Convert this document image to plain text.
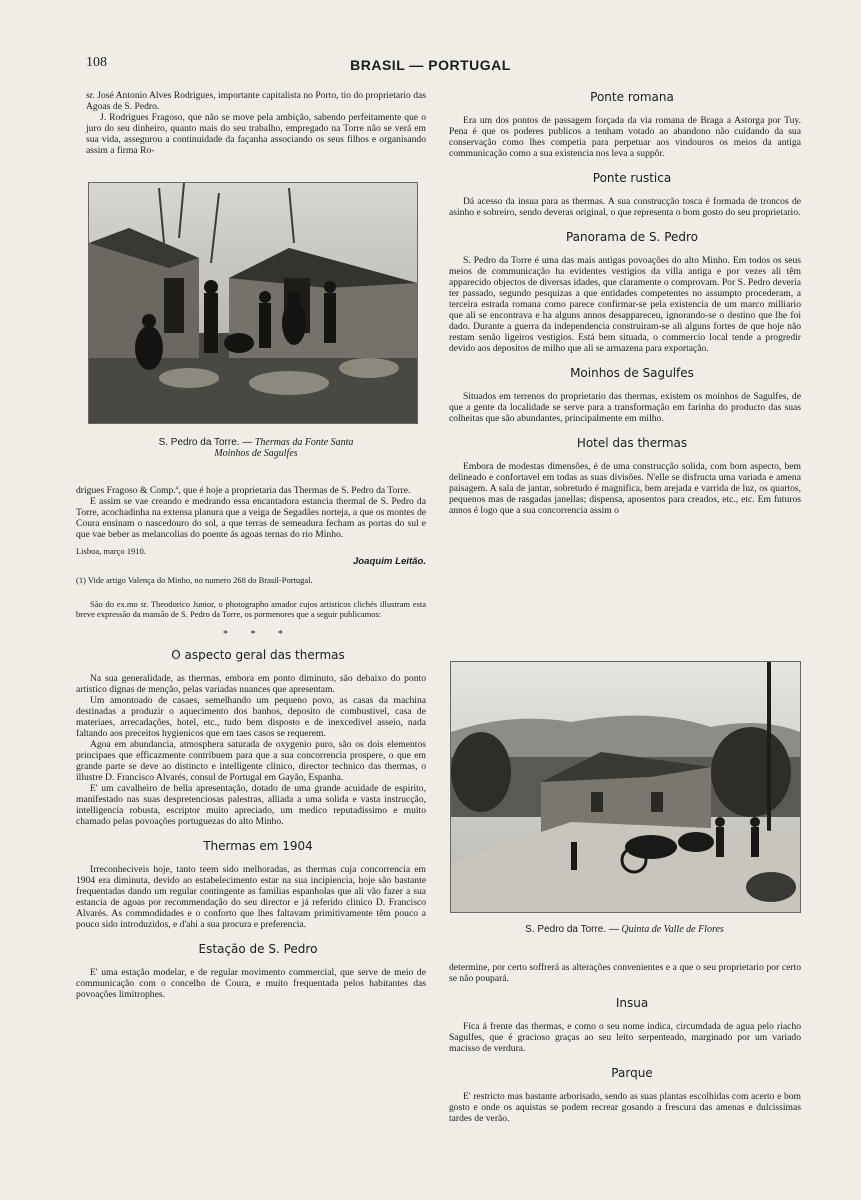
108	BRASIL — PORTUGAL

sr. José Antonio Alves Rodrigues, importante capitalista no Porto, tio do proprietario das Agoas de S. Pedro.

J. Rodrigues Fragoso, que não se move pela ambição, sabendo perfeitamente que o juro do seu dinheiro, quanto mais do seu trabalho, empregado na Torre não se verá em sua vida, assegurou a continuidade da façanha associando os seus filhos e organisando assim a firma Ro-

S. Pedro da Torre. — Thermas da Fonte Santa
Moinhos de Sagulfes

drigues Fragoso & Comp.ª, que é hoje a proprietaria das Thermas de S. Pedro da Torre.

E assim se vae creando e medrando essa encantadora estancia thermal de S. Pedro da Torre, acochadinha na extensa planura que a veiga de Segadães norteja, a que os montes de Coura ensinam o nascedouro do sol, a que terras de semeadura fecham as portas do sul e que vae beber as melancolias do poente ás agoas ternas do rio Minho.

Lisboa, março 1910.

Joaquim Leitão.

(1) Vide artigo Valença do Minho, no numero 268 do Brasil-Portugal.

São do ex.mo sr. Theodorico Junior, o photographo amador cujos artisticos clichés illustram esta breve expressão da mansão de S. Pedro da Torre, os pormenores que a seguir publicamos:

* * *

O aspecto geral das thermas

Na sua generalidade, as thermas, embora em ponto diminuto, são debaixo do ponto artistico dignas de menção, pelas variadas nuances que apresentam.

Um amontoado de casaes, semelhando um pequeno povo, as casas da machina destinadas a produzir o aquecimento dos banhos, deposito de combustivel, casa de materiaes, arrecadações, hotel, etc., tudo bem disposto e de inexcedivel asseio, nada faltando aos preceitos hygienicos que em taes casos se requerem.

Agoa em abundancia, atmosphera saturada de oxygenio puro, são os dois elementos principaes que efficazmente contribuem para que a sua concorrencia prospere, o que em grande parte se deve ao distincto e intelligente clinico, director technico das thermas, o illustre D. Francisco Alvarés, consul de Portugal em Gayão, Espanha.

E' um cavalheiro de bella apresentação, dotado de uma grande acuidade de espirito, manifestado nas suas despretenciosas palestras, alliada a uma solida e vasta instrucção, intelligencia robusta, escriptor muito apreciado, um medico reputadissimo e muito chamado pelas povoações portuguezas do alto Minho.

Thermas em 1904

Irreconheciveis hoje, tanto teem sido melhoradas, as thermas cuja concorrencia em 1904 era diminuta, devido ao estabelecimento estar na sua incipiencia, hoje são bastante frequentadas dando um regular contingente as familias espanholas que ali vão fazer a sua estancia de agoas por recommendação do seu director e já referido clinico D. Francisco Alvarés. As commodidades e o conforto que lhes faltavam primitivamente têm pouco a pouco sido introduzidos, e d'ahi a sua procura e preferencia.

Estação de S. Pedro

E' uma estação modelar, e de regular movimento commercial, que serve de meio de communicação com o concelho de Coura, e muito frequentada pelos habitantes das povoações limitrophes.

Ponte romana

Era um dos pontos de passagem forçada da via romana de Braga a Astorga por Tuy. Pena é que os poderes publicos a tenham votado ao abandono não cuidando da sua conservação como lhes competia para perpetuar aos vindouros os meios da antiga communicação como a sua existencia nos leva a suppôr.

Ponte rustica

Dá acesso da insua para as thermas. A sua construcção tosca é formada de troncos de asinho e sobreiro, sendo deveras original, o que representa o bom gosto do seu proprietario.

Panorama de S. Pedro

S. Pedro da Torre é uma das mais antigas povoações do alto Minho. Em todos os seus meios de communicação ha evidentes vestigios da villa antiga e por vezes ali têm apparecido objectos de diversas idades, que claramente o comprovam. Por S. Pedro deveria ter passado, segundo pesquizas a que entidades competentes no assumpto procederam, a terceira estrada romana como parece confirmar-se pela existencia de um marco milliario que ali se encontrava e ha alguns annos desappareceu, ignorando-se o destino que lhe foi dado. Durante a guerra da independencia construiram-se ali alguns fortes de que hoje não restam senão ligeiros vestigios. Está bem situada, o commercio local tende a progredir devido aos depositos de milho que ali se armazena para exportação.

Moinhos de Sagulfes

Situados em terrenos do proprietario das thermas, existem os moinhos de Sagulfes, de que a gente da localidade se serve para a transformação em farinha do producto das suas colheitas que são abundantes, principalmente em milho.

Hotel das thermas

Embora de modestas dimensões, é de uma construcção solida, com bom aspecto, bem delineado e confortavel em todas as suas divisões. N'elle se disfructa uma variada e amena paisagem. A sala de jantar, sobretudo é magnifica, bem arejada e varrida de luz, os quartos, pequenos mas de rasgadas janellas; dispensa, aposentos para creados, etc., etc. Em futuros annos é logo que a sua concorrencia assim o

S. Pedro da Torre. — Quinta de Valle de Flores

determine, por certo soffrerá as alterações convenientes e a que o seu proprietario por certo se não poupará.

Insua

Fica á frente das thermas, e como o seu nome indica, circumdada de agua pelo riacho Sagulfes, que é gracioso graças ao seu leito serpenteado, marginado por um variado macisso de verdura.

Parque

E' restricto mas bastante arborisado, sendo as suas plantas escolhidas com acerto e bom gosto e onde os aquistas se podem recrear gosando a frescura das amenas e dulcissimas tardes de verão.
